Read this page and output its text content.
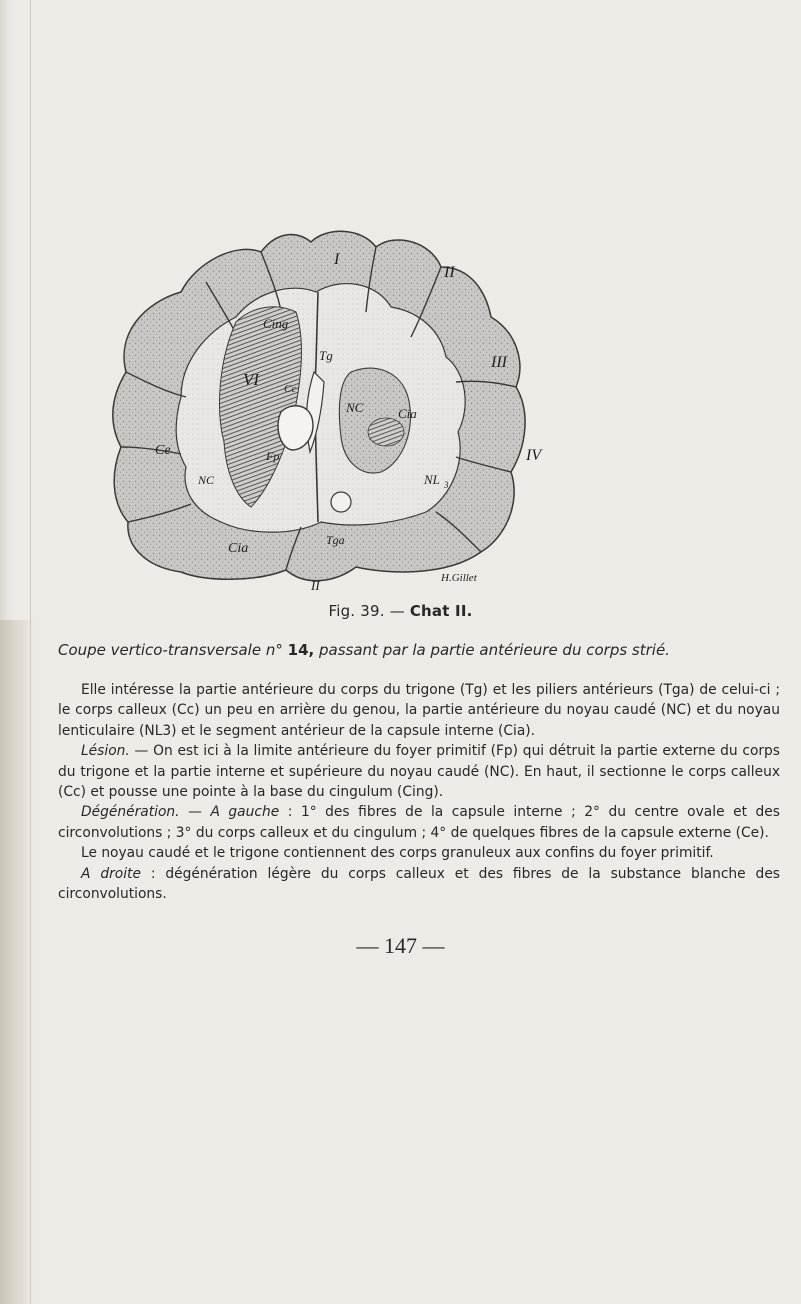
I
II
III
IV
VI
Cing
Cc
Ce
NC
NC
Fp
Cia
Cia
Tg
Tga
NL 3
II	H.Gillet
Fig. 39. — Chat II.
Coupe vertico-transversale n° 14, passant par la partie antérieure du corps strié.

Elle intéresse la partie antérieure du corps du trigone (Tg) et les piliers antérieurs (Tga) de celui-ci ; le corps calleux (Cc) un peu en arrière du genou, la partie antérieure du noyau caudé (NC) et du noyau lenticulaire (NL3) et le segment antérieur de la capsule interne (Cia).

Lésion. — On est ici à la limite antérieure du foyer primitif (Fp) qui détruit la partie externe du corps du trigone et la partie interne et supérieure du noyau caudé (NC). En haut, il sectionne le corps calleux (Cc) et pousse une pointe à la base du cingulum (Cing).

Dégénération. — A gauche : 1° des fibres de la capsule interne ; 2° du centre ovale et des circonvolutions ; 3° du corps calleux et du cingulum ; 4° de quelques fibres de la capsule externe (Ce).

Le noyau caudé et le trigone contiennent des corps granuleux aux confins du foyer primitif.

A droite : dégénération légère du corps calleux et des fibres de la substance blanche des circonvolutions.

— 147 —
